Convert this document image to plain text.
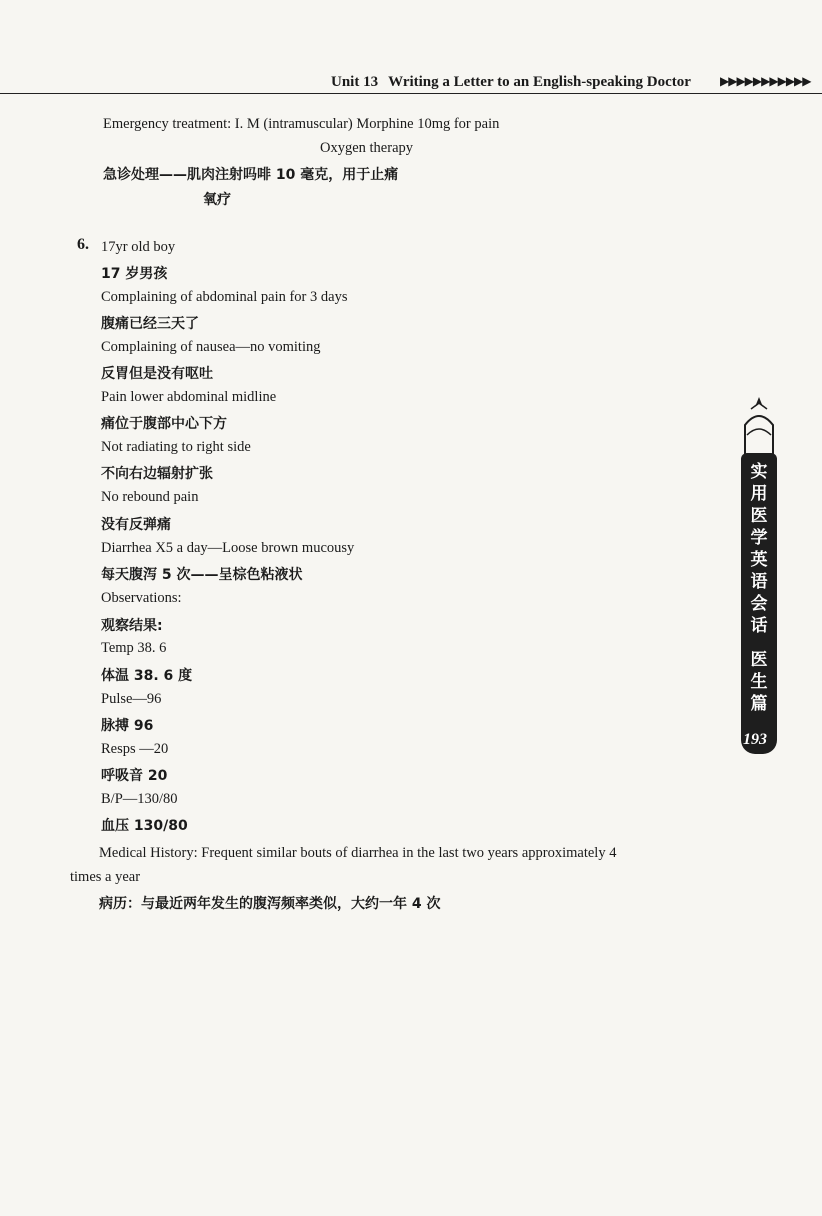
Unit 13 Writing a Letter to an English-speaking Doctor ▶▶▶▶▶▶▶▶▶▶▶
Emergency treatment: I. M (intramuscular) Morphine 10mg for pain
Oxygen therapy
急诊处理——肌肉注射吗啡 10 毫克，用于止痛
氧疗
6. 17yr old boy
17 岁男孩
Complaining of abdominal pain for 3 days
腹痛已经三天了
Complaining of nausea—no vomiting
反胃但是没有呕吐
Pain lower abdominal midline
痛位于腹部中心下方
Not radiating to right side
不向右边辐射扩张
No rebound pain
没有反弹痛
Diarrhea X5 a day—Loose brown mucousy
每天腹泻 5 次——呈棕色粘液状
Observations:
观察结果:
Temp 38. 6
体温 38. 6 度
Pulse—96
脉搏 96
Resps —20
呼吸音 20
B/P—130/80
血压 130/80
Medical History: Frequent similar bouts of diarrhea in the last two years approximately 4
times a year
病历：与最近两年发生的腹泻频率类似，大约一年 4 次
实
用
医
学
英
语
会
话
医
生
篇
193
